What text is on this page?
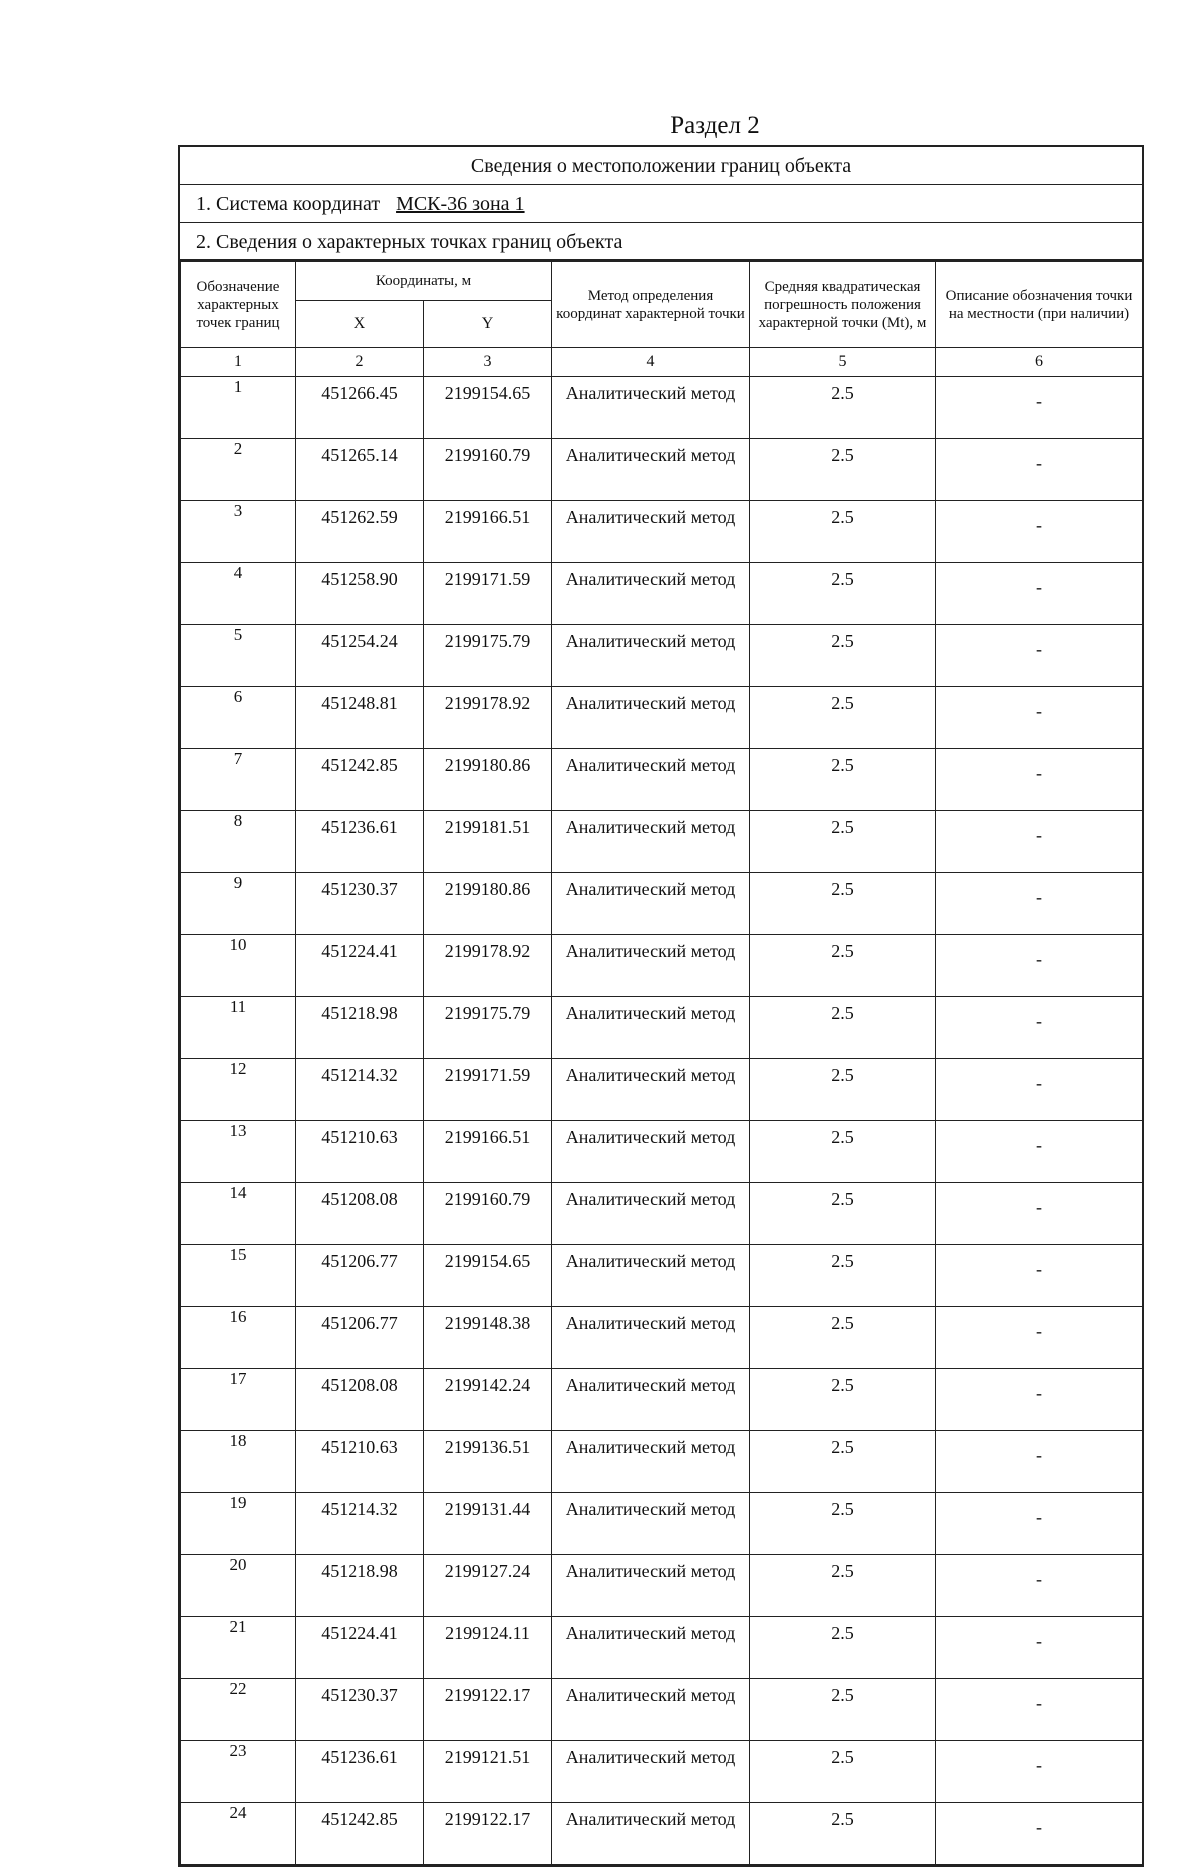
Раздел 2
Сведения о местоположении границ объекта
1. Система координат МСК-36 зона 1
2. Сведения о характерных точках границ объекта
Обозначение характерных точек границ	Координаты, м		Метод определения координат характерной точки	Средняя квадратическая погрешность положения характерной точки (Mt), м	Описание обозначения точки на местности (при наличии)
	X	Y			
1	2	3	4	5	6
1	451266.45	2199154.65	Аналитический метод	2.5	-
2	451265.14	2199160.79	Аналитический метод	2.5	-
3	451262.59	2199166.51	Аналитический метод	2.5	-
4	451258.90	2199171.59	Аналитический метод	2.5	-
5	451254.24	2199175.79	Аналитический метод	2.5	-
6	451248.81	2199178.92	Аналитический метод	2.5	-
7	451242.85	2199180.86	Аналитический метод	2.5	-
8	451236.61	2199181.51	Аналитический метод	2.5	-
9	451230.37	2199180.86	Аналитический метод	2.5	-
10	451224.41	2199178.92	Аналитический метод	2.5	-
11	451218.98	2199175.79	Аналитический метод	2.5	-
12	451214.32	2199171.59	Аналитический метод	2.5	-
13	451210.63	2199166.51	Аналитический метод	2.5	-
14	451208.08	2199160.79	Аналитический метод	2.5	-
15	451206.77	2199154.65	Аналитический метод	2.5	-
16	451206.77	2199148.38	Аналитический метод	2.5	-
17	451208.08	2199142.24	Аналитический метод	2.5	-
18	451210.63	2199136.51	Аналитический метод	2.5	-
19	451214.32	2199131.44	Аналитический метод	2.5	-
20	451218.98	2199127.24	Аналитический метод	2.5	-
21	451224.41	2199124.11	Аналитический метод	2.5	-
22	451230.37	2199122.17	Аналитический метод	2.5	-
23	451236.61	2199121.51	Аналитический метод	2.5	-
24	451242.85	2199122.17	Аналитический метод	2.5	-
